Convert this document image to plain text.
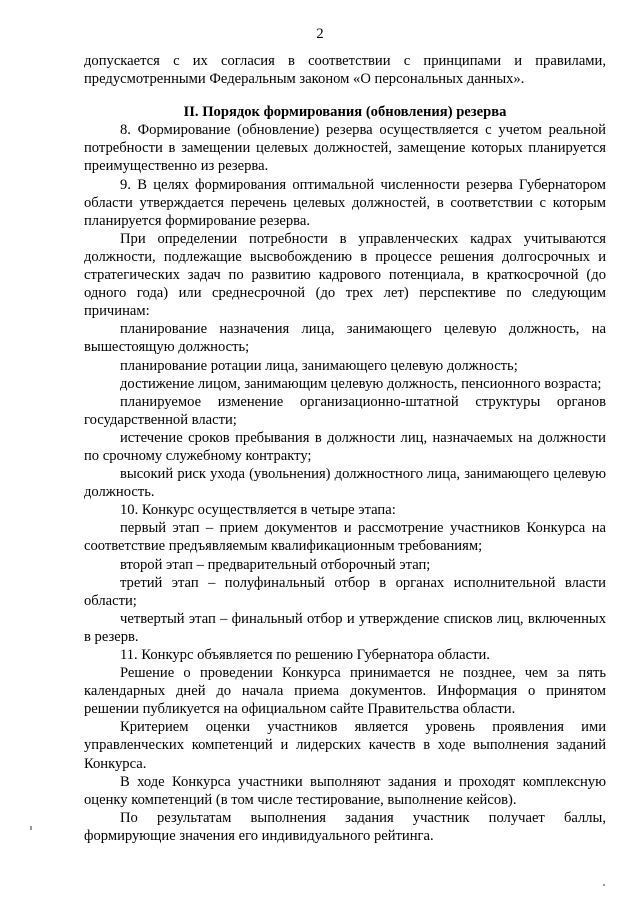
2

допускается с их согласия в соответствии с принципами и правилами, предусмотренными Федеральным законом «О персональных данных».

II. Порядок формирования (обновления) резерва

8. Формирование (обновление) резерва осуществляется с учетом реальной потребности в замещении целевых должностей, замещение которых планируется преимущественно из резерва.

9. В целях формирования оптимальной численности резерва Губернатором области утверждается перечень целевых должностей, в соответствии с которым планируется формирование резерва.

При определении потребности в управленческих кадрах учитываются должности, подлежащие высвобождению в процессе решения долгосрочных и стратегических задач по развитию кадрового потенциала, в краткосрочной (до одного года) или среднесрочной (до трех лет) перспективе по следующим причинам:

планирование назначения лица, занимающего целевую должность, на вышестоящую должность;

планирование ротации лица, занимающего целевую должность;

достижение лицом, занимающим целевую должность, пенсионного возраста;

планируемое изменение организационно-штатной структуры органов государственной власти;

истечение сроков пребывания в должности лиц, назначаемых на должности по срочному служебному контракту;

высокий риск ухода (увольнения) должностного лица, занимающего целевую должность.

10. Конкурс осуществляется в четыре этапа:

первый этап – прием документов и рассмотрение участников Конкурса на соответствие предъявляемым квалификационным требованиям;

второй этап – предварительный отборочный этап;

третий этап – полуфинальный отбор в органах исполнительной власти области;

четвертый этап – финальный отбор и утверждение списков лиц, включенных в резерв.

11. Конкурс объявляется по решению Губернатора области.

Решение о проведении Конкурса принимается не позднее, чем за пять календарных дней до начала приема документов. Информация о принятом решении публикуется на официальном сайте Правительства области.

Критерием оценки участников является уровень проявления ими управленческих компетенций и лидерских качеств в ходе выполнения заданий Конкурса.

В ходе Конкурса участники выполняют задания и проходят комплексную оценку компетенций (в том числе тестирование, выполнение кейсов).

По результатам выполнения задания участник получает баллы, формирующие значения его индивидуального рейтинга.
